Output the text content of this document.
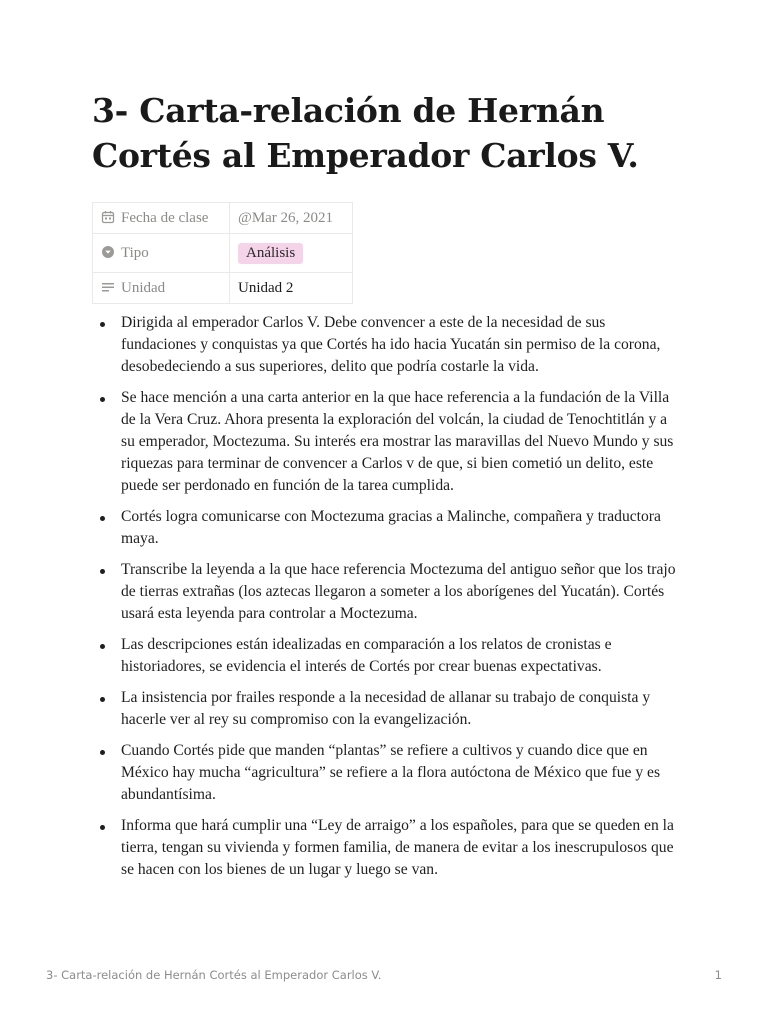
3- Carta-relación de Hernán Cortés al Emperador Carlos V.
Fecha de clase	@Mar 26, 2021
Tipo	Análisis
Unidad	Unidad 2
Dirigida al emperador Carlos V. Debe convencer a este de la necesidad de sus fundaciones y conquistas ya que Cortés ha ido hacia Yucatán sin permiso de la corona, desobedeciendo a sus superiores, delito que podría costarle la vida.
Se hace mención a una carta anterior en la que hace referencia a la fundación de la Villa de la Vera Cruz. Ahora presenta la exploración del volcán, la ciudad de Tenochtitlán y a su emperador, Moctezuma. Su interés era mostrar las maravillas del Nuevo Mundo y sus riquezas para terminar de convencer a Carlos v de que, si bien cometió un delito, este puede ser perdonado en función de la tarea cumplida.
Cortés logra comunicarse con Moctezuma gracias a Malinche, compañera y traductora maya.
Transcribe la leyenda a la que hace referencia Moctezuma del antiguo señor que los trajo de tierras extrañas (los aztecas llegaron a someter a los aborígenes del Yucatán). Cortés usará esta leyenda para controlar a Moctezuma.
Las descripciones están idealizadas en comparación a los relatos de cronistas e historiadores, se evidencia el interés de Cortés por crear buenas expectativas.
La insistencia por frailes responde a la necesidad de allanar su trabajo de conquista y hacerle ver al rey su compromiso con la evangelización.
Cuando Cortés pide que manden “plantas” se refiere a cultivos y cuando dice que en México hay mucha “agricultura” se refiere a la flora autóctona de México que fue y es abundantísima.
Informa que hará cumplir una “Ley de arraigo” a los españoles, para que se queden en la tierra, tengan su vivienda y formen familia, de manera de evitar a los inescrupulosos que se hacen con los bienes de un lugar y luego se van.
3- Carta-relación de Hernán Cortés al Emperador Carlos V.	1
